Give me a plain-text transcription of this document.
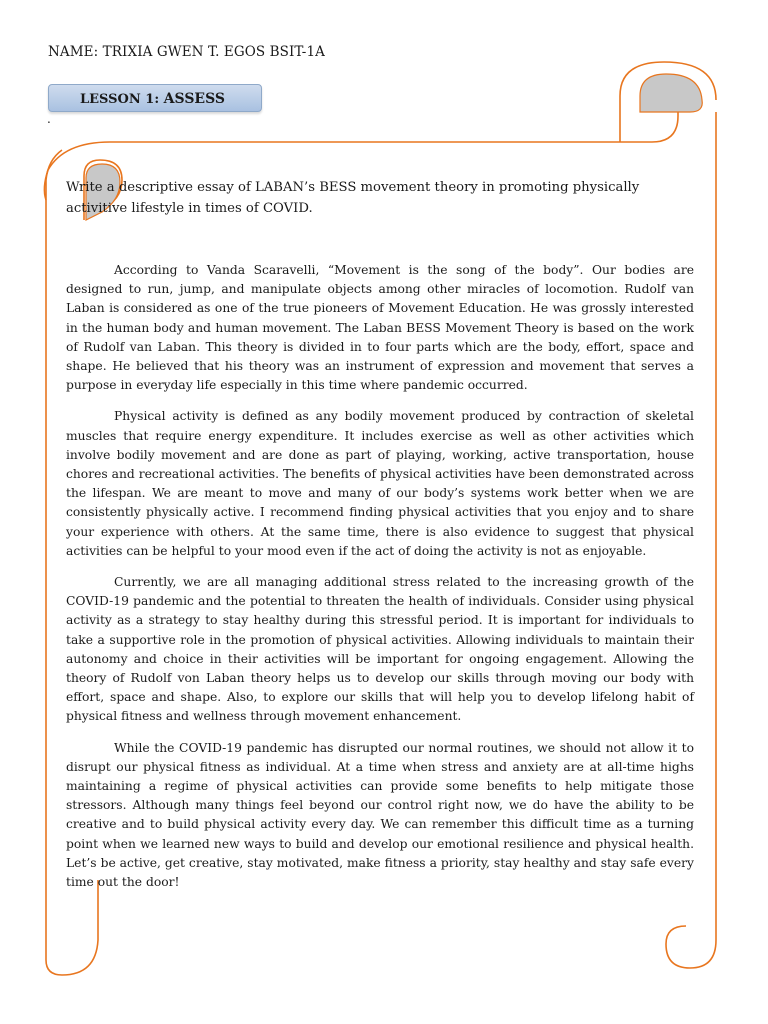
NAME: TRIXIA GWEN T. EGOS BSIT-1A
LESSON 1: ASSESS
.
Write a descriptive essay of LABAN’s BESS movement theory in promoting physically activitive lifestyle in times of COVID.

According to Vanda Scaravelli, “Movement is the song of the body”. Our bodies are designed to run, jump, and manipulate objects among other miracles of locomotion. Rudolf van Laban is considered as one of the true pioneers of Movement Education. He was grossly interested in the human body and human movement. The Laban BESS Movement Theory is based on the work of Rudolf van Laban. This theory is divided in to four parts which are the body, effort, space and shape. He believed that his theory was an instrument of expression and movement that serves a purpose in everyday life especially in this time where pandemic occurred.

Physical activity is defined as any bodily movement produced by contraction of skeletal muscles that require energy expenditure. It includes exercise as well as other activities which involve bodily movement and are done as part of playing, working, active transportation, house chores and recreational activities. The benefits of physical activities have been demonstrated across the lifespan. We are meant to move and many of our body’s systems work better when we are consistently physically active. I recommend finding physical activities that you enjoy and to share your experience with others. At the same time, there is also evidence to suggest that physical activities can be helpful to your mood even if the act of doing the activity is not as enjoyable.

Currently, we are all managing additional stress related to the increasing growth of the COVID-19 pandemic and the potential to threaten the health of individuals. Consider using physical activity as a strategy to stay healthy during this stressful period. It is important for individuals to take a supportive role in the promotion of physical activities. Allowing individuals to maintain their autonomy and choice in their activities will be important for ongoing engagement. Allowing the theory of Rudolf von Laban theory helps us to develop our skills through moving our body with effort, space and shape. Also, to explore our skills that will help you to develop lifelong habit of physical fitness and wellness through movement enhancement.

While the COVID-19 pandemic has disrupted our normal routines, we should not allow it to disrupt our physical fitness as individual. At a time when stress and anxiety are at all-time highs maintaining a regime of physical activities can provide some benefits to help mitigate those stressors. Although many things feel beyond our control right now, we do have the ability to be creative and to build physical activity every day. We can remember this difficult time as a turning point when we learned new ways to build and develop our emotional resilience and physical health. Let’s be active, get creative, stay motivated, make fitness a priority, stay healthy and stay safe every time out the door!
